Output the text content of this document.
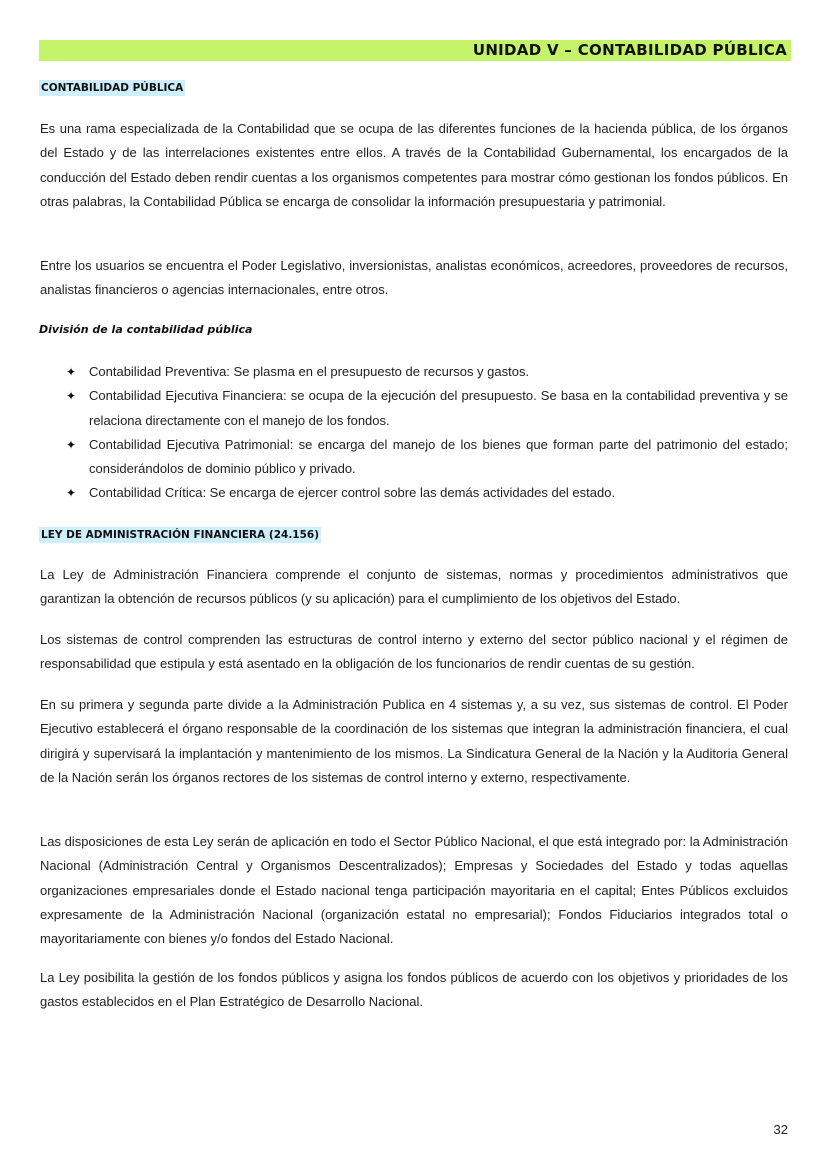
UNIDAD V – CONTABILIDAD PÚBLICA
CONTABILIDAD PÚBLICA

Es una rama especializada de la Contabilidad que se ocupa de las diferentes funciones de la hacienda pública, de los órganos del Estado y de las interrelaciones existentes entre ellos. A través de la Contabilidad Gubernamental, los encargados de la conducción del Estado deben rendir cuentas a los organismos competentes para mostrar cómo gestionan los fondos públicos. En otras palabras, la Contabilidad Pública se encarga de consolidar la información presupuestaria y patrimonial.

Entre los usuarios se encuentra el Poder Legislativo, inversionistas, analistas económicos, acreedores, proveedores de recursos, analistas financieros o agencias internacionales, entre otros.

División de la contabilidad pública
✦ Contabilidad Preventiva: Se plasma en el presupuesto de recursos y gastos.
✦ Contabilidad Ejecutiva Financiera: se ocupa de la ejecución del presupuesto. Se basa en la contabilidad preventiva y se relaciona directamente con el manejo de los fondos.
✦ Contabilidad Ejecutiva Patrimonial: se encarga del manejo de los bienes que forman parte del patrimonio del estado; considerándolos de dominio público y privado.
✦ Contabilidad Crítica: Se encarga de ejercer control sobre las demás actividades del estado.
LEY DE ADMINISTRACIÓN FINANCIERA (24.156)

La Ley de Administración Financiera comprende el conjunto de sistemas, normas y procedimientos administrativos que garantizan la obtención de recursos públicos (y su aplicación) para el cumplimiento de los objetivos del Estado.

Los sistemas de control comprenden las estructuras de control interno y externo del sector público nacional y el régimen de responsabilidad que estipula y está asentado en la obligación de los funcionarios de rendir cuentas de su gestión.

En su primera y segunda parte divide a la Administración Publica en 4 sistemas y, a su vez, sus sistemas de control. El Poder Ejecutivo establecerá el órgano responsable de la coordinación de los sistemas que integran la administración financiera, el cual dirigirá y supervisará la implantación y mantenimiento de los mismos. La Sindicatura General de la Nación y la Auditoria General de la Nación serán los órganos rectores de los sistemas de control interno y externo, respectivamente.

Las disposiciones de esta Ley serán de aplicación en todo el Sector Público Nacional, el que está integrado por: la Administración Nacional (Administración Central y Organismos Descentralizados); Empresas y Sociedades del Estado y todas aquellas organizaciones empresariales donde el Estado nacional tenga participación mayoritaria en el capital; Entes Públicos excluidos expresamente de la Administración Nacional (organización estatal no empresarial); Fondos Fiduciarios integrados total o mayoritariamente con bienes y/o fondos del Estado Nacional.

La Ley posibilita la gestión de los fondos públicos y asigna los fondos públicos de acuerdo con los objetivos y prioridades de los gastos establecidos en el Plan Estratégico de Desarrollo Nacional.

32
